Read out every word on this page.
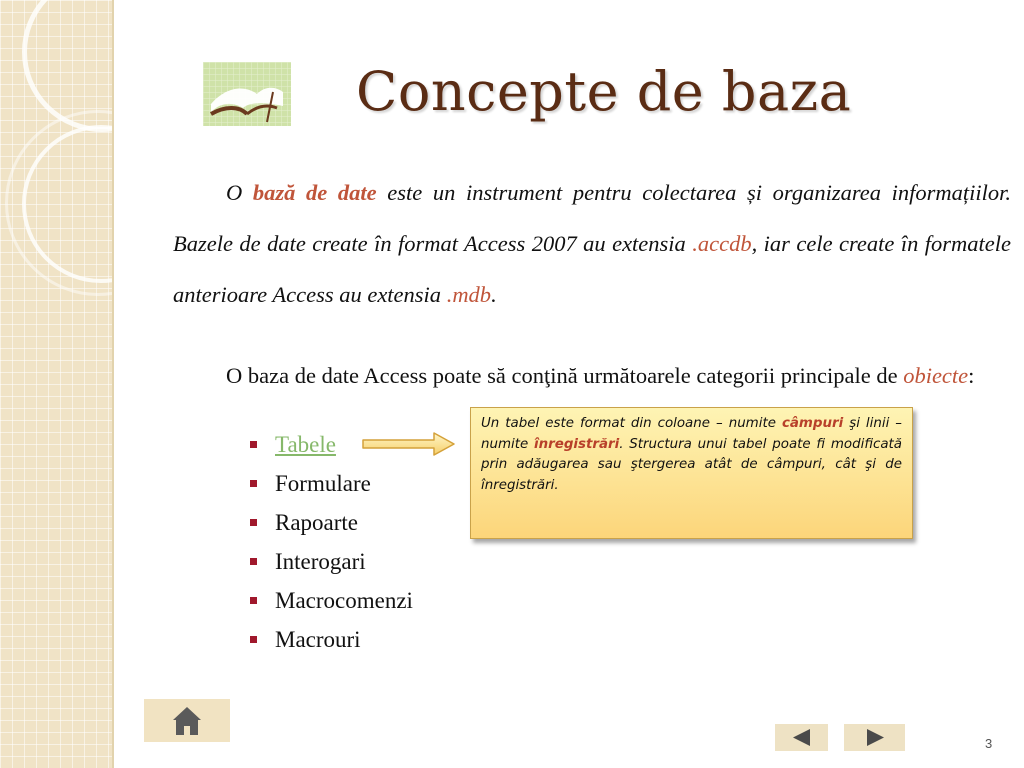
Concepte de baza

O bază de date este un instrument pentru colectarea și organizarea informațiilor. Bazele de date create în format Access 2007 au extensia .accdb, iar cele create în formatele anterioare Access au extensia .mdb.

O baza de date Access poate să conţină următoarele categorii principale de obiecte:

Tabele
Formulare
Rapoarte
Interogari
Macrocomenzi
Macrouri
Un tabel este format din coloane – numite câmpuri şi linii – numite înregistrări. Structura unui tabel poate fi modificată prin adăugarea sau ştergerea atât de câmpuri, cât şi de înregistrări.
3
